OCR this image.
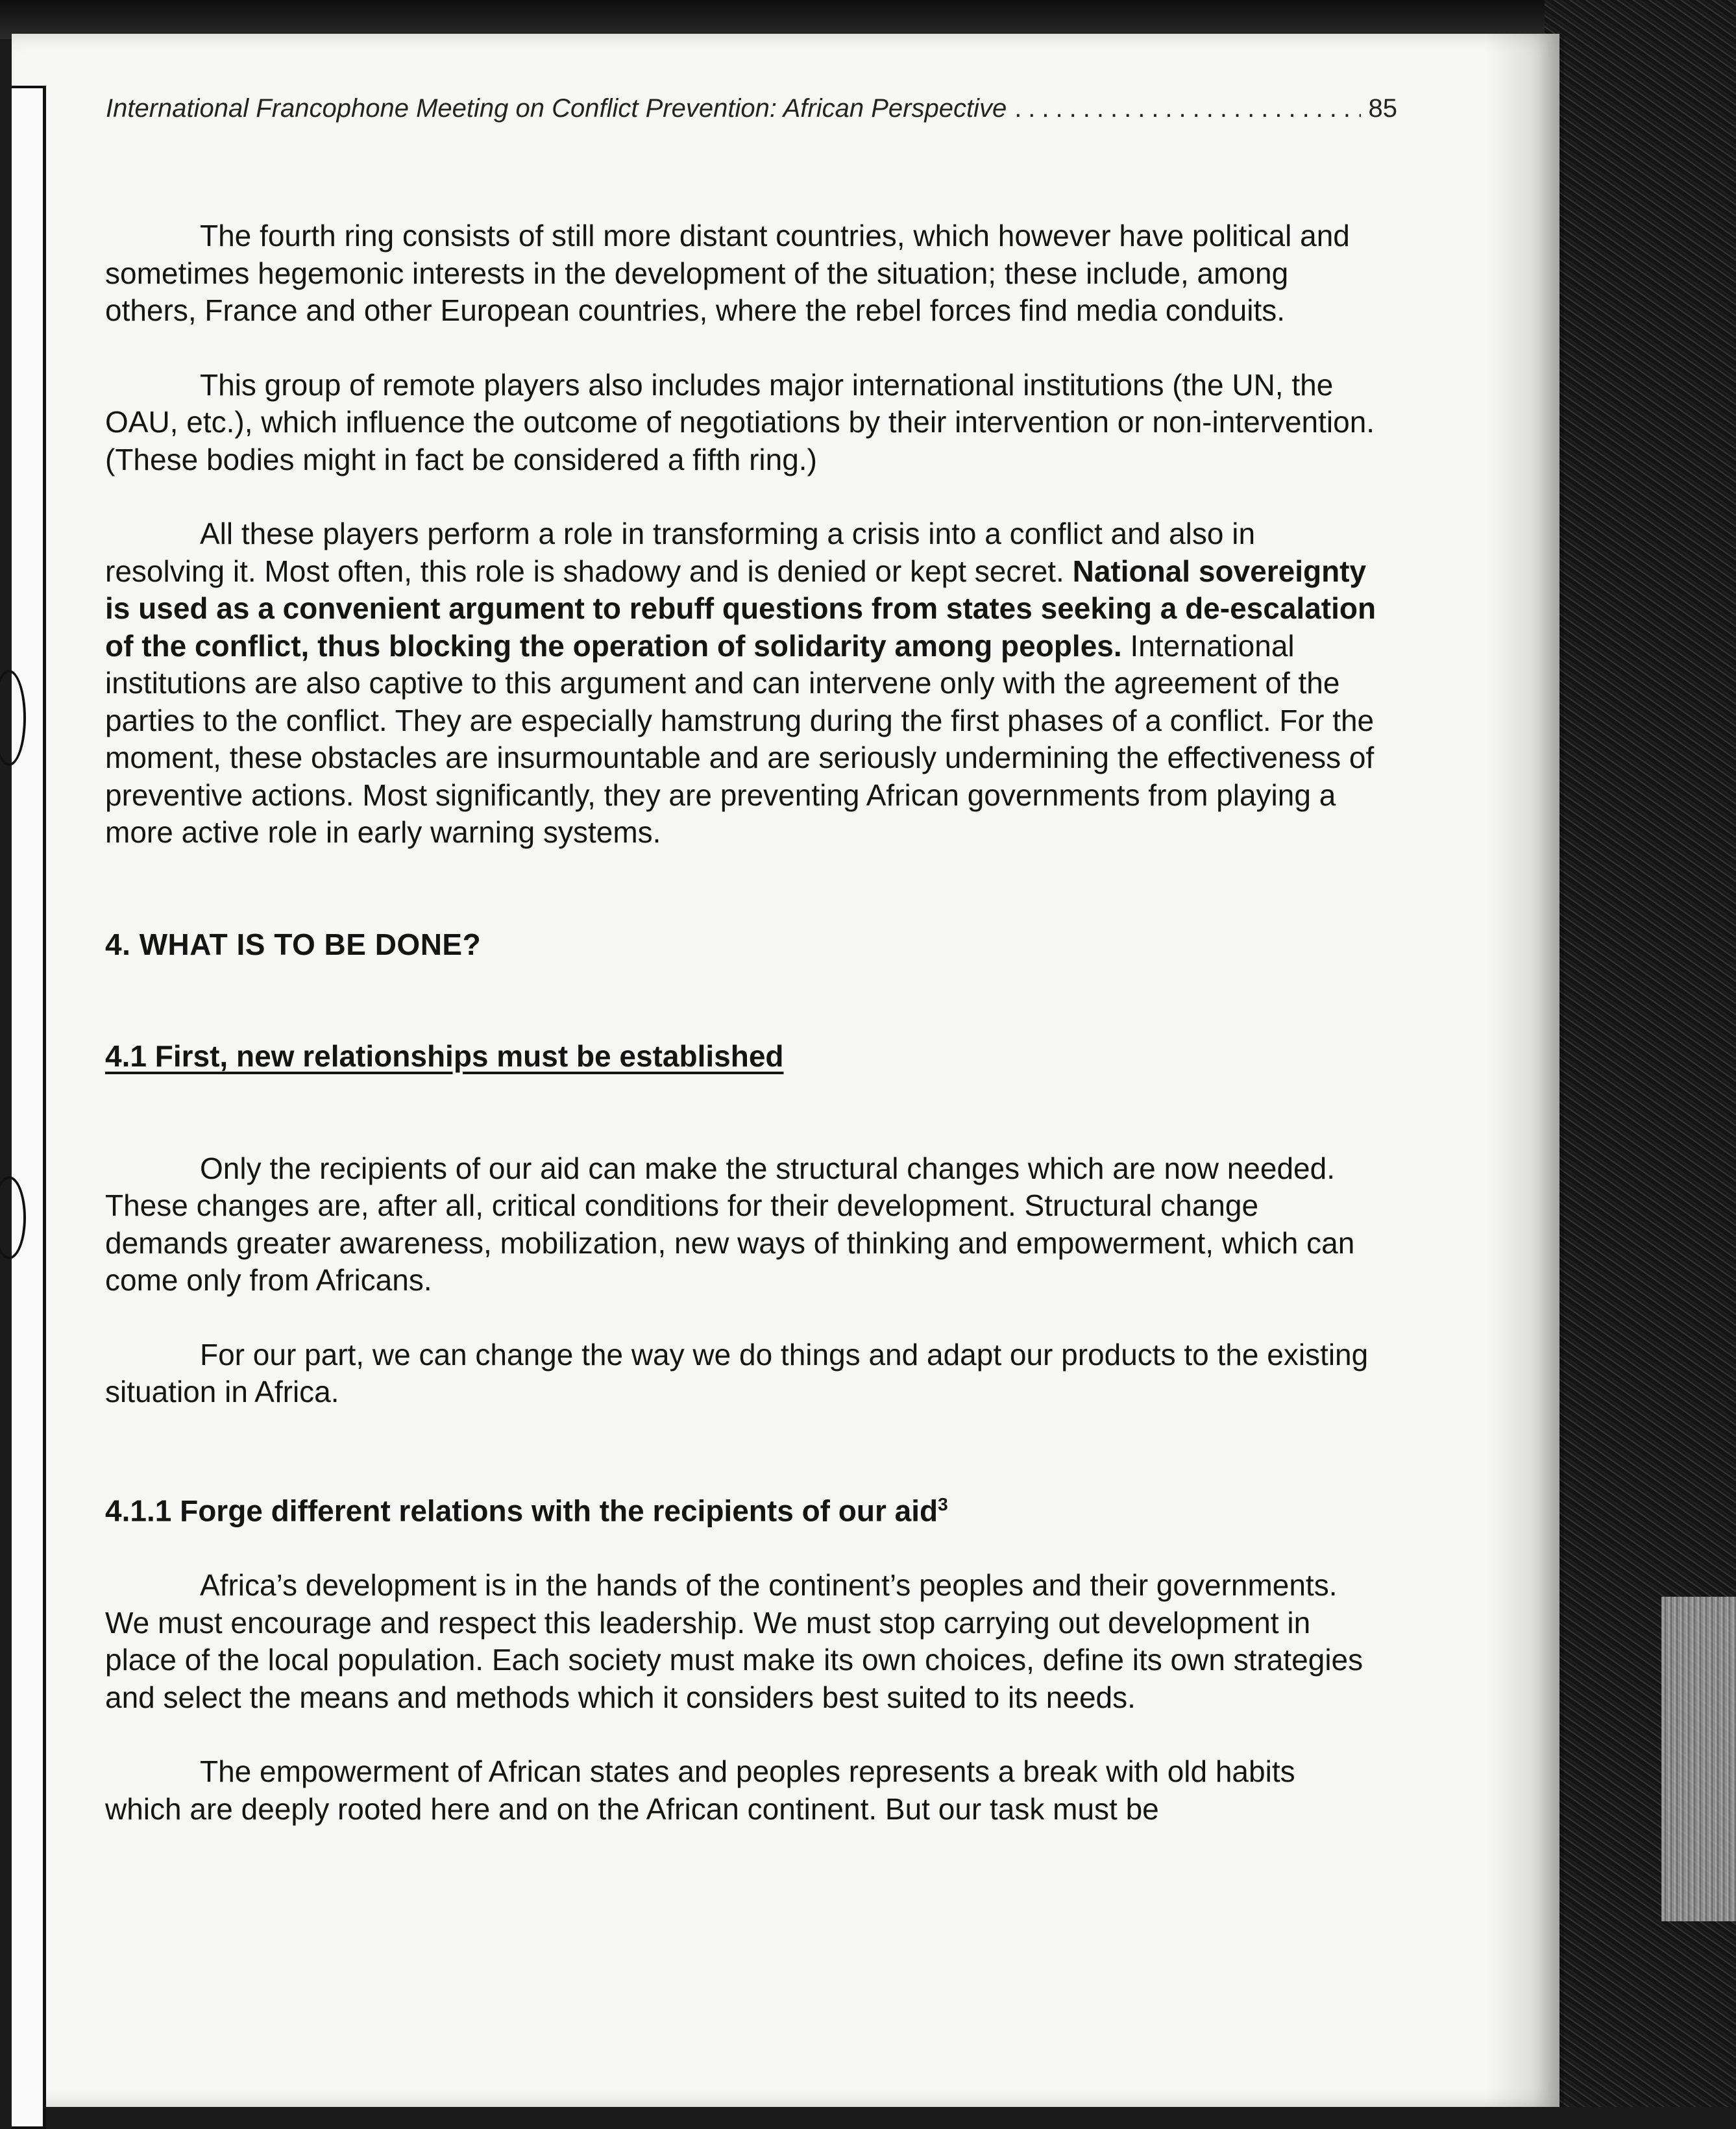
International Francophone Meeting on Conflict Prevention: African Perspective
.....	85

The fourth ring consists of still more distant countries, which however have political and sometimes hegemonic interests in the development of the situation; these include, among others, France and other European countries, where the rebel forces find media conduits.

This group of remote players also includes major international institutions (the UN, the OAU, etc.), which influence the outcome of negotiations by their intervention or non-intervention. (These bodies might in fact be considered a fifth ring.)

All these players perform a role in transforming a crisis into a conflict and also in resolving it. Most often, this role is shadowy and is denied or kept secret. National sovereignty is used as a convenient argument to rebuff questions from states seeking a de-escalation of the conflict, thus blocking the operation of solidarity among peoples. International institutions are also captive to this argument and can intervene only with the agreement of the parties to the conflict. They are especially hamstrung during the first phases of a conflict. For the moment, these obstacles are insurmountable and are seriously undermining the effectiveness of preventive actions. Most significantly, they are preventing African governments from playing a more active role in early warning systems.

4. WHAT IS TO BE DONE?
4.1 First, new relationships must be established

Only the recipients of our aid can make the structural changes which are now needed. These changes are, after all, critical conditions for their development. Structural change demands greater awareness, mobilization, new ways of thinking and empowerment, which can come only from Africans.

For our part, we can change the way we do things and adapt our products to the existing situation in Africa.

4.1.1 Forge different relations with the recipients of our aid$^3$

Africa’s development is in the hands of the continent’s peoples and their governments. We must encourage and respect this leadership. We must stop carrying out development in place of the local population. Each society must make its own choices, define its own strategies and select the means and methods which it considers best suited to its needs.

The empowerment of African states and peoples represents a break with old habits which are deeply rooted here and on the African continent. But our task must be
